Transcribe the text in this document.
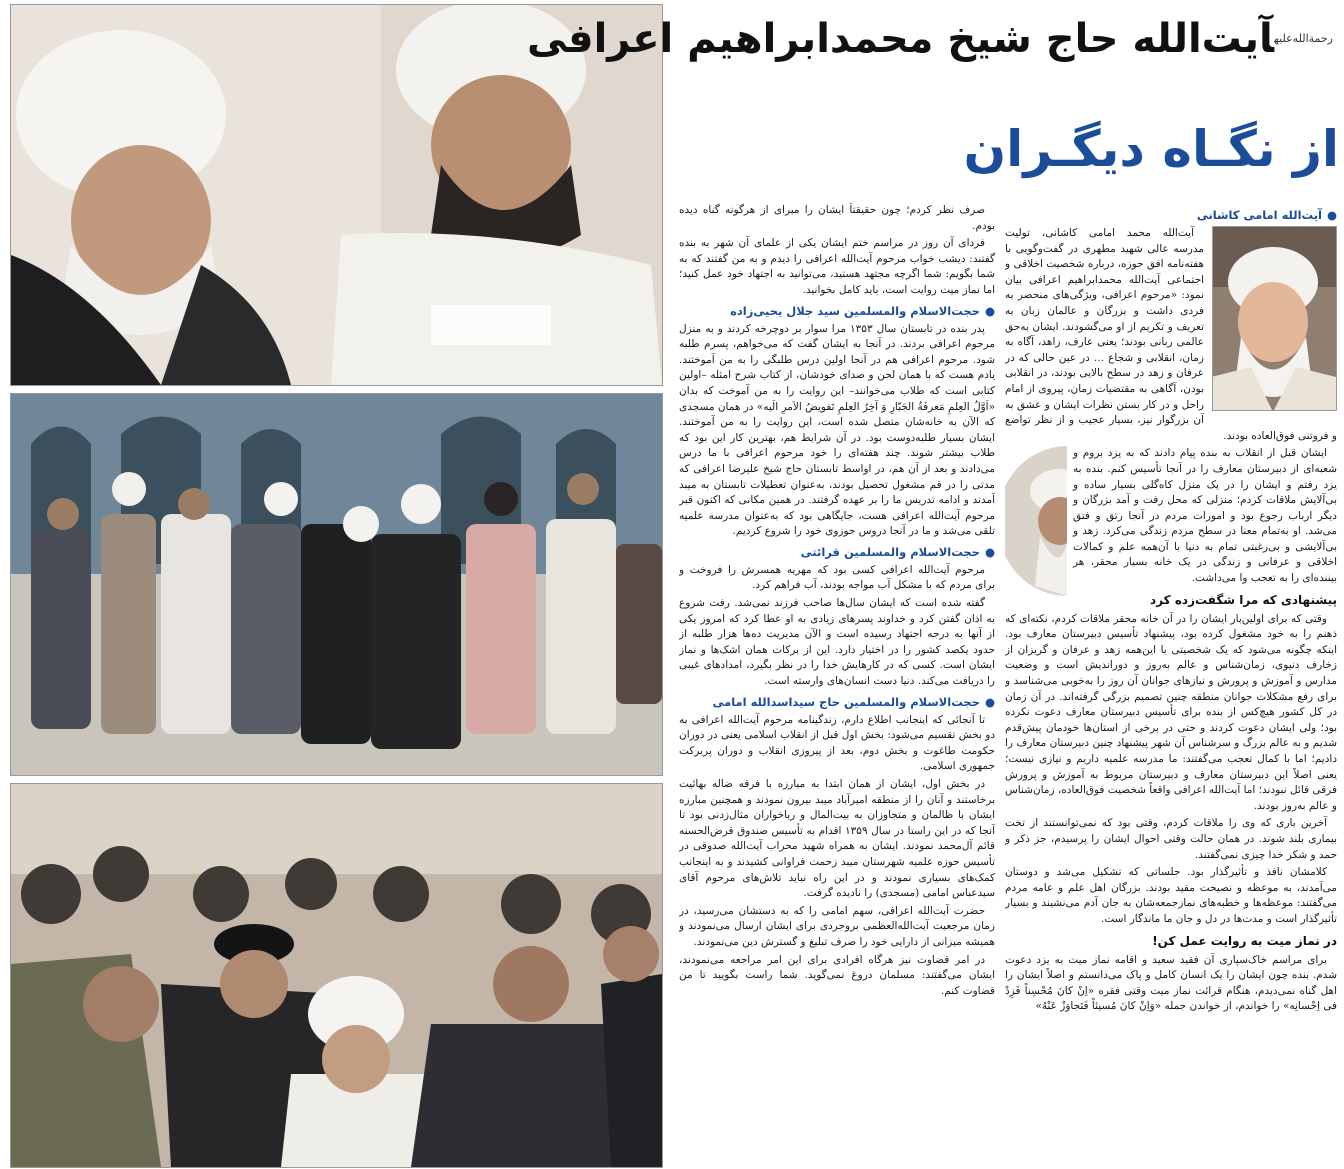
$^{رحمة‌الله‌علیه}$آیت‌الله حاج شیخ محمدابراهیم اعرافی
از نگـاه دیگـران
●آیت‌الله امامی کاشانی

آیت‌الله محمد امامی کاشانی، تولیت مدرسه عالی شهید مطهری در گفت‌وگویی با هفته‌نامه افق حوزه، درباره شخصیت اخلاقی و اجتماعی آیت‌الله محمدابراهیم اعرافی بیان نمود: «مرحوم اعرافی، ویژگی‌های منحصر به فردی داشت و بزرگان و عالمان زبان به تعریف و تکریم از او می‌گشودند. ایشان به‌حق عالمی ربانی بودند؛ یعنی عارف، زاهد، آگاه به زمان، انقلابی و شجاع … در عین حالی که در عرفان و زهد در سطح بالایی بودند، در انقلابی بودن، آگاهی به مقتضیات زمان، پیروی از امام راحل و در کار بستن نظرات ایشان و عشق به آن بزرگوار نیز، بسیار عجیب و از نظر تواضع و فروتنی فوق‌العاده بودند.

ایشان قبل از انقلاب به بنده پیام دادند که به یزد بروم و شعبه‌ای از دبیرستان معارف را در آنجا تأسیس کنم. بنده به یزد رفتم و ایشان را در یک منزل کاه‌گلی بسیار ساده و بی‌آلایش ملاقات کردم؛ منزلی که محل رفت و آمد بزرگان و دیگر ارباب رجوع بود و امورات مردم در آنجا رتق و فتق می‌شد. او به‌تمام معنا در سطح مردم زندگی می‌کرد. زهد و بی‌آلایشی و بی‌رغبتی تمام به دنیا با آن‌همه علم و کمالات اخلاقی و عرفانی و زندگی در یک خانه بسیار محقر، هر بیننده‌ای را به تعجب وا می‌داشت.

پیشنهادی که مرا شگفت‌زده کرد

وقتی که برای اولین‌بار ایشان را در آن خانه محقر ملاقات کردم، نکته‌ای که ذهنم را به خود مشغول کرده بود، پیشنهاد تأسیس دبیرستان معارف بود. اینکه چگونه می‌شود که یک شخصیتی با این‌همه زهد و عرفان و گریزان از زخارف دنیوی، زمان‌شناس و عالم به‌روز و دوراندیش است و وضعیت مدارس و آموزش و پرورش و نیازهای جوانان آن روز را به‌خوبی می‌شناسد و برای رفع مشکلات جوانان منطقه چنین تصمیم بزرگی گرفته‌اند. در آن زمان در کل کشور هیچ‌کس از بنده برای تأسیس دبیرستان معارف دعوت نکرده بود؛ ولی ایشان دعوت کردند و حتی در برخی از استان‌ها خودمان پیش‌قدم شدیم و به عالم بزرگ و سرشناس آن شهر پیشنهاد چنین دبیرستان معارف را دادیم؛ اما با کمال تعجب می‌گفتند: ما مدرسه علمیه داریم و نیازی نیست؛ یعنی اصلاً این دبیرستان معارف و دبیرستان مربوط به آموزش و پرورش فرقی قائل نبودند؛ اما آیت‌الله اعرافی واقعاً شخصیت فوق‌العاده، زمان‌شناس و عالم به‌روز بودند.

آخرین باری که وی را ملاقات کردم، وقتی بود که نمی‌توانستند از تخت بیماری بلند شوند. در همان حالت وقتی احوال ایشان را پرسیدم، جز ذکر و حمد و شکر خدا چیزی نمی‌گفتند.

کلامشان نافذ و تأثیرگذار بود. جلساتی که تشکیل می‌شد و دوستان می‌آمدند، به موعظه و نصیحت مقید بودند. بزرگان اهل علم و عامه مردم می‌گفتند: موعظه‌ها و خطبه‌های نمازجمعه‌شان به جان آدم می‌نشیند و بسیار تأثیرگذار است و مدت‌ها در دل و جان ما ماندگار است.

در نماز میت به روایت عمل کن!

برای مراسم خاک‌سپاری آن فقید سعید و اقامه نماز میت به یزد دعوت شدم. بنده چون ایشان را یک انسان کامل و پاک می‌دانستم و اصلاً ایشان را اهل گناه نمی‌دیدم، هنگام قرائت نماز میت وقتی فقره «اِنْ کانَ مُحْسِناً فَزِدْ فی اِحْسانِه» را خواندم، از خواندن جمله «وَاِنْ کانَ مُسیئاً فَتَجاوَزْ عَنْهُ»

صرف نظر کردم؛ چون حقیقتاً ایشان را مبرای از هرگونه گناه دیده بودم.

فردای آن روز در مراسم ختم ایشان یکی از علمای آن شهر به بنده گفتند: دیشب خواب مرحوم آیت‌الله اعرافی را دیدم و به من گفتند که به شما بگویم: شما اگرچه مجتهد هستید، می‌توانید به اجتهاد خود عمل کنید؛ اما نماز میت روایت است، باید کامل بخوانید.

●حجت‌الاسلام والمسلمین سید جلال یحیی‌زاده

پدر بنده در تابستان سال ۱۳۵۳ مرا سوار بر دوچرخه کردند و به منزل مرحوم اعرافی بردند. در آنجا به ایشان گفت که می‌خواهم، پسرم طلبه شود. مرحوم اعرافی هم در آنجا اولین درس طلبگی را به من آموختند. یادم هست که با همان لحن و صدای خودشان، از کتاب شرح امثله –اولین کتابی است که طلاب می‌خوانند– این روایت را به من آموخت که بدان «اَوَّلُ العِلمِ مَعرفَةُ الجَبّارِ وَ آخِرُ العِلمِ تَفویضُ الاَمرِ الَیه» در همان مسجدی که الآن به خانه‌شان متصل شده است، این روایت را به من آموختند. ایشان بسیار طلبه‌دوست بود. در آن شرایط هم، بهترین کار این بود که طلاب بیشتر شوند. چند هفته‌ای را خود مرحوم اعرافی با ما درس می‌دادند و بعد از آن هم، در اواسط تابستان حاج شیخ علیرضا اعرافی که مدتی را در قم مشغول تحصیل بودند، به‌عنوان تعطیلات تابستان به میبد آمدند و ادامه تدریس ما را بر عهده گرفتند. در همین مکانی که اکنون قبر مرحوم آیت‌الله اعرافی هست، جایگاهی بود که به‌عنوان مدرسه علمیه تلقی می‌شد و ما در آنجا دروس حوزوی خود را شروع کردیم.

●حجت‌الاسلام والمسلمین قرائتی

مرحوم آیت‌الله اعرافی کسی بود که مهریه همسرش را فروخت و برای مردم که با مشکل آب مواجه بودند، آب فراهم کرد.

گفته شده است که ایشان سال‌ها صاحب فرزند نمی‌شد. رفت شروع به اذان گفتن کرد و خداوند پسرهای زیادی به او عطا کرد که امروز یکی از آنها به درجه اجتهاد رسیده است و الآن مدیریت ده‌ها هزار طلبه از حدود یکصد کشور را در اختیار دارد. این از برکات همان اشک‌ها و نماز ایشان است. کسی که در کارهایش خدا را در نظر بگیرد، امدادهای غیبی را دریافت می‌کند. دنیا دست انسان‌های وارسته است.

●حجت‌الاسلام والمسلمین حاج سیداسدالله امامی

تا آنجائی که اینجانب اطلاع دارم، زندگینامه مرحوم آیت‌الله اعرافی به دو بخش تقسیم می‌شود: بخش اول قبل از انقلاب اسلامی یعنی در دوران حکومت طاغوت و بخش دوم، بعد از پیروزی انقلاب و دوران پربرکت جمهوری اسلامی.

در بخش اول، ایشان از همان ابتدا به مبارزه با فرقه ضاله بهائیت برخاستند و آنان را از منطقه امیرآباد میبد بیرون نمودند و همچنین مبارزه ایشان با ظالمان و متجاوزان به بیت‌المال و رباخواران مثال‌زدنی بود تا آنجا که در این راستا در سال ۱۳۵۹ اقدام به تأسیس صندوق قرض‌الحسنه قائم آل‌محمد نمودند. ایشان به همراه شهید محراب آیت‌الله صدوقی در تأسیس حوزه علمیه شهرستان میبد زحمت فراوانی کشیدند و به اینجانب کمک‌های بسیاری نمودند و در این راه نباید تلاش‌های مرحوم آقای سیدعباس امامی (مسجدی) را نادیده گرفت.

حضرت آیت‌الله اعرافی، سهم امامی را که به دستشان می‌رسید، در زمان مرجعیت آیت‌الله‌العظمی بروجردی برای ایشان ارسال می‌نمودند و همیشه میزانی از دارایی خود را صرف تبلیغ و گسترش دین می‌نمودند.

در امر قضاوت نیز هرگاه افرادی برای این امر مراجعه می‌نمودند، ایشان می‌گفتند: مسلمان دروغ نمی‌گوید. شما راست بگویید تا من قضاوت کنم.
